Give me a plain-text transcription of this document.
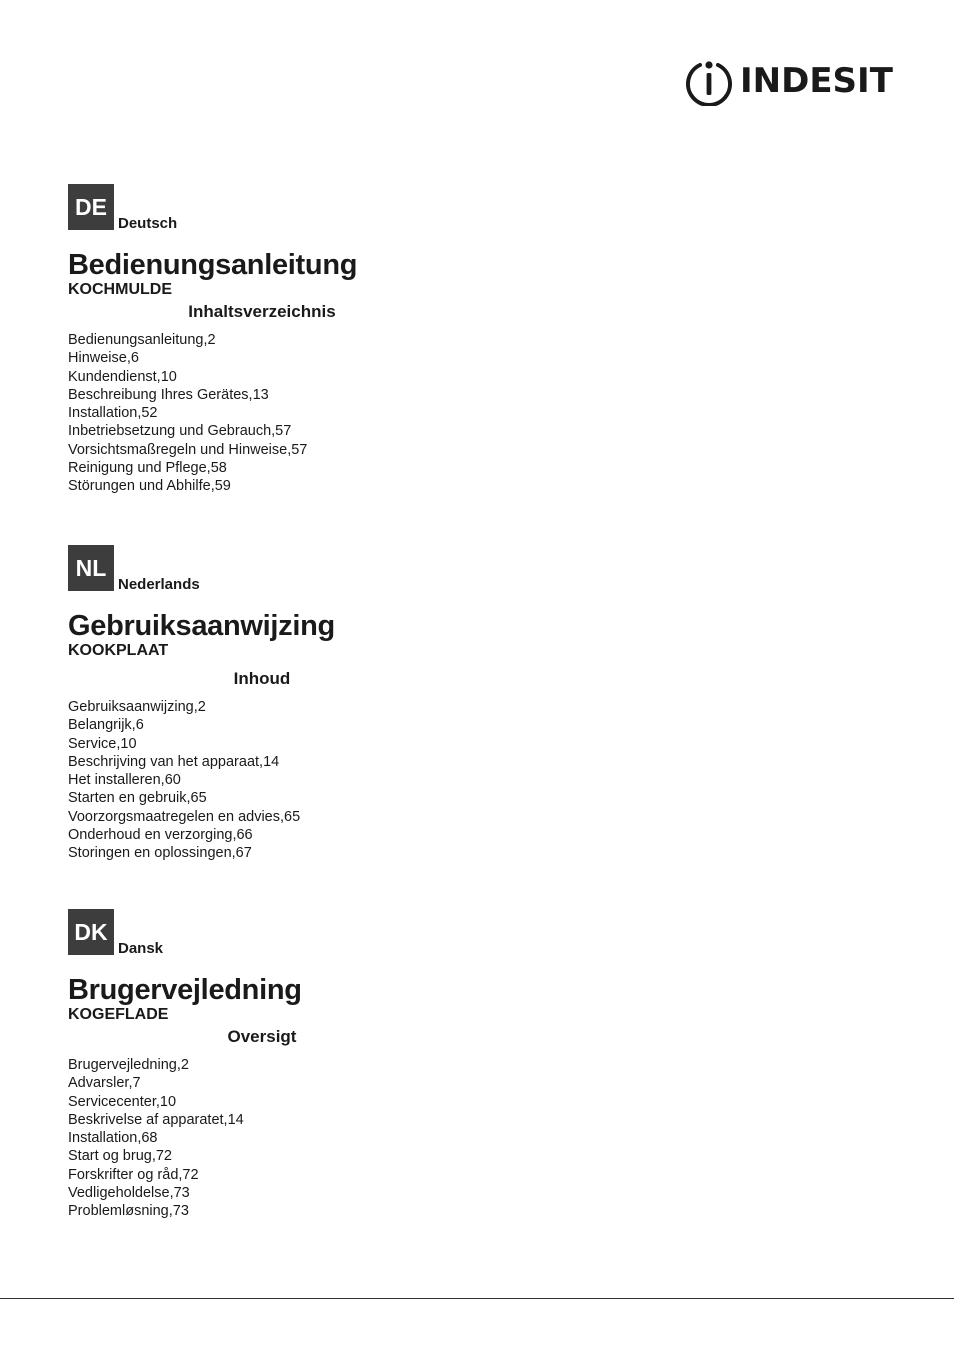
INDESIT
DE
Deutsch
Bedienungsanleitung
KOCHMULDE
Inhaltsverzeichnis
Bedienungsanleitung,2
Hinweise,6
Kundendienst,10
Beschreibung Ihres Gerätes,13
Installation,52
Inbetriebsetzung und Gebrauch,57
Vorsichtsmaßregeln und Hinweise,57
Reinigung und Pflege,58
Störungen und Abhilfe,59
NL
Nederlands
Gebruiksaanwijzing
KOOKPLAAT
Inhoud
Gebruiksaanwijzing,2
Belangrijk,6
Service,10
Beschrijving van het apparaat,14
Het installeren,60
Starten en gebruik,65
Voorzorgsmaatregelen en advies,65
Onderhoud en verzorging,66
Storingen en oplossingen,67
DK
Dansk
Brugervejledning
KOGEFLADE
Oversigt
Brugervejledning,2
Advarsler,7
Servicecenter,10
Beskrivelse af apparatet,14
Installation,68
Start og brug,72
Forskrifter og råd,72
Vedligeholdelse,73
Problemløsning,73
